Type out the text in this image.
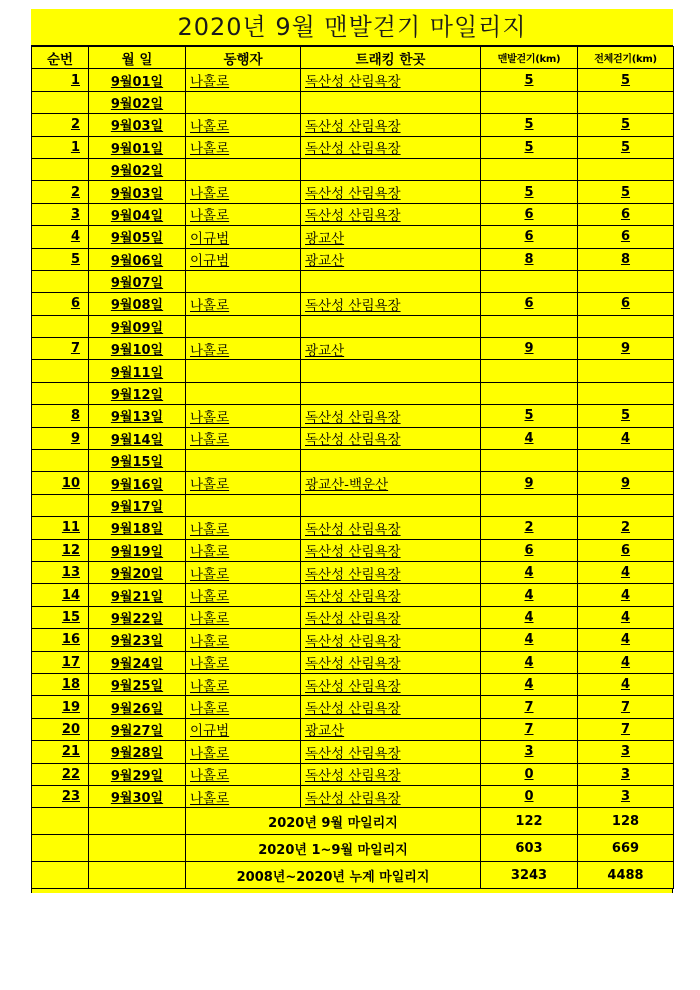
2020년 9월 맨발걷기 마일리지
순번	월 일	동행자	트래킹 한곳	맨발걷기(km)	전체걷기(km)
1	9월01일	나홀로	독산성 산림욕장	5	5
	9월02일				
2	9월03일	나홀로	독산성 산림욕장	5	5
1	9월01일	나홀로	독산성 산림욕장	5	5
	9월02일				
2	9월03일	나홀로	독산성 산림욕장	5	5
3	9월04일	나홀로	독산성 산림욕장	6	6
4	9월05일	이규범	광교산	6	6
5	9월06일	이규범	광교산	8	8
	9월07일				
6	9월08일	나홀로	독산성 산림욕장	6	6
	9월09일				
7	9월10일	나홀로	광교산	9	9
	9월11일				
	9월12일				
8	9월13일	나홀로	독산성 산림욕장	5	5
9	9월14일	나홀로	독산성 산림욕장	4	4
	9월15일				
10	9월16일	나홀로	광교산-백운산	9	9
	9월17일				
11	9월18일	나홀로	독산성 산림욕장	2	2
12	9월19일	나홀로	독산성 산림욕장	6	6
13	9월20일	나홀로	독산성 산림욕장	4	4
14	9월21일	나홀로	독산성 산림욕장	4	4
15	9월22일	나홀로	독산성 산림욕장	4	4
16	9월23일	나홀로	독산성 산림욕장	4	4
17	9월24일	나홀로	독산성 산림욕장	4	4
18	9월25일	나홀로	독산성 산림욕장	4	4
19	9월26일	나홀로	독산성 산림욕장	7	7
20	9월27일	이규범	광교산	7	7
21	9월28일	나홀로	독산성 산림욕장	3	3
22	9월29일	나홀로	독산성 산림욕장	0	3
23	9월30일	나홀로	독산성 산림욕장	0	3
		2020년 9월 마일리지		122	128
		2020년 1~9월 마일리지		603	669
		2008년~2020년 누계 마일리지		3243	4488
